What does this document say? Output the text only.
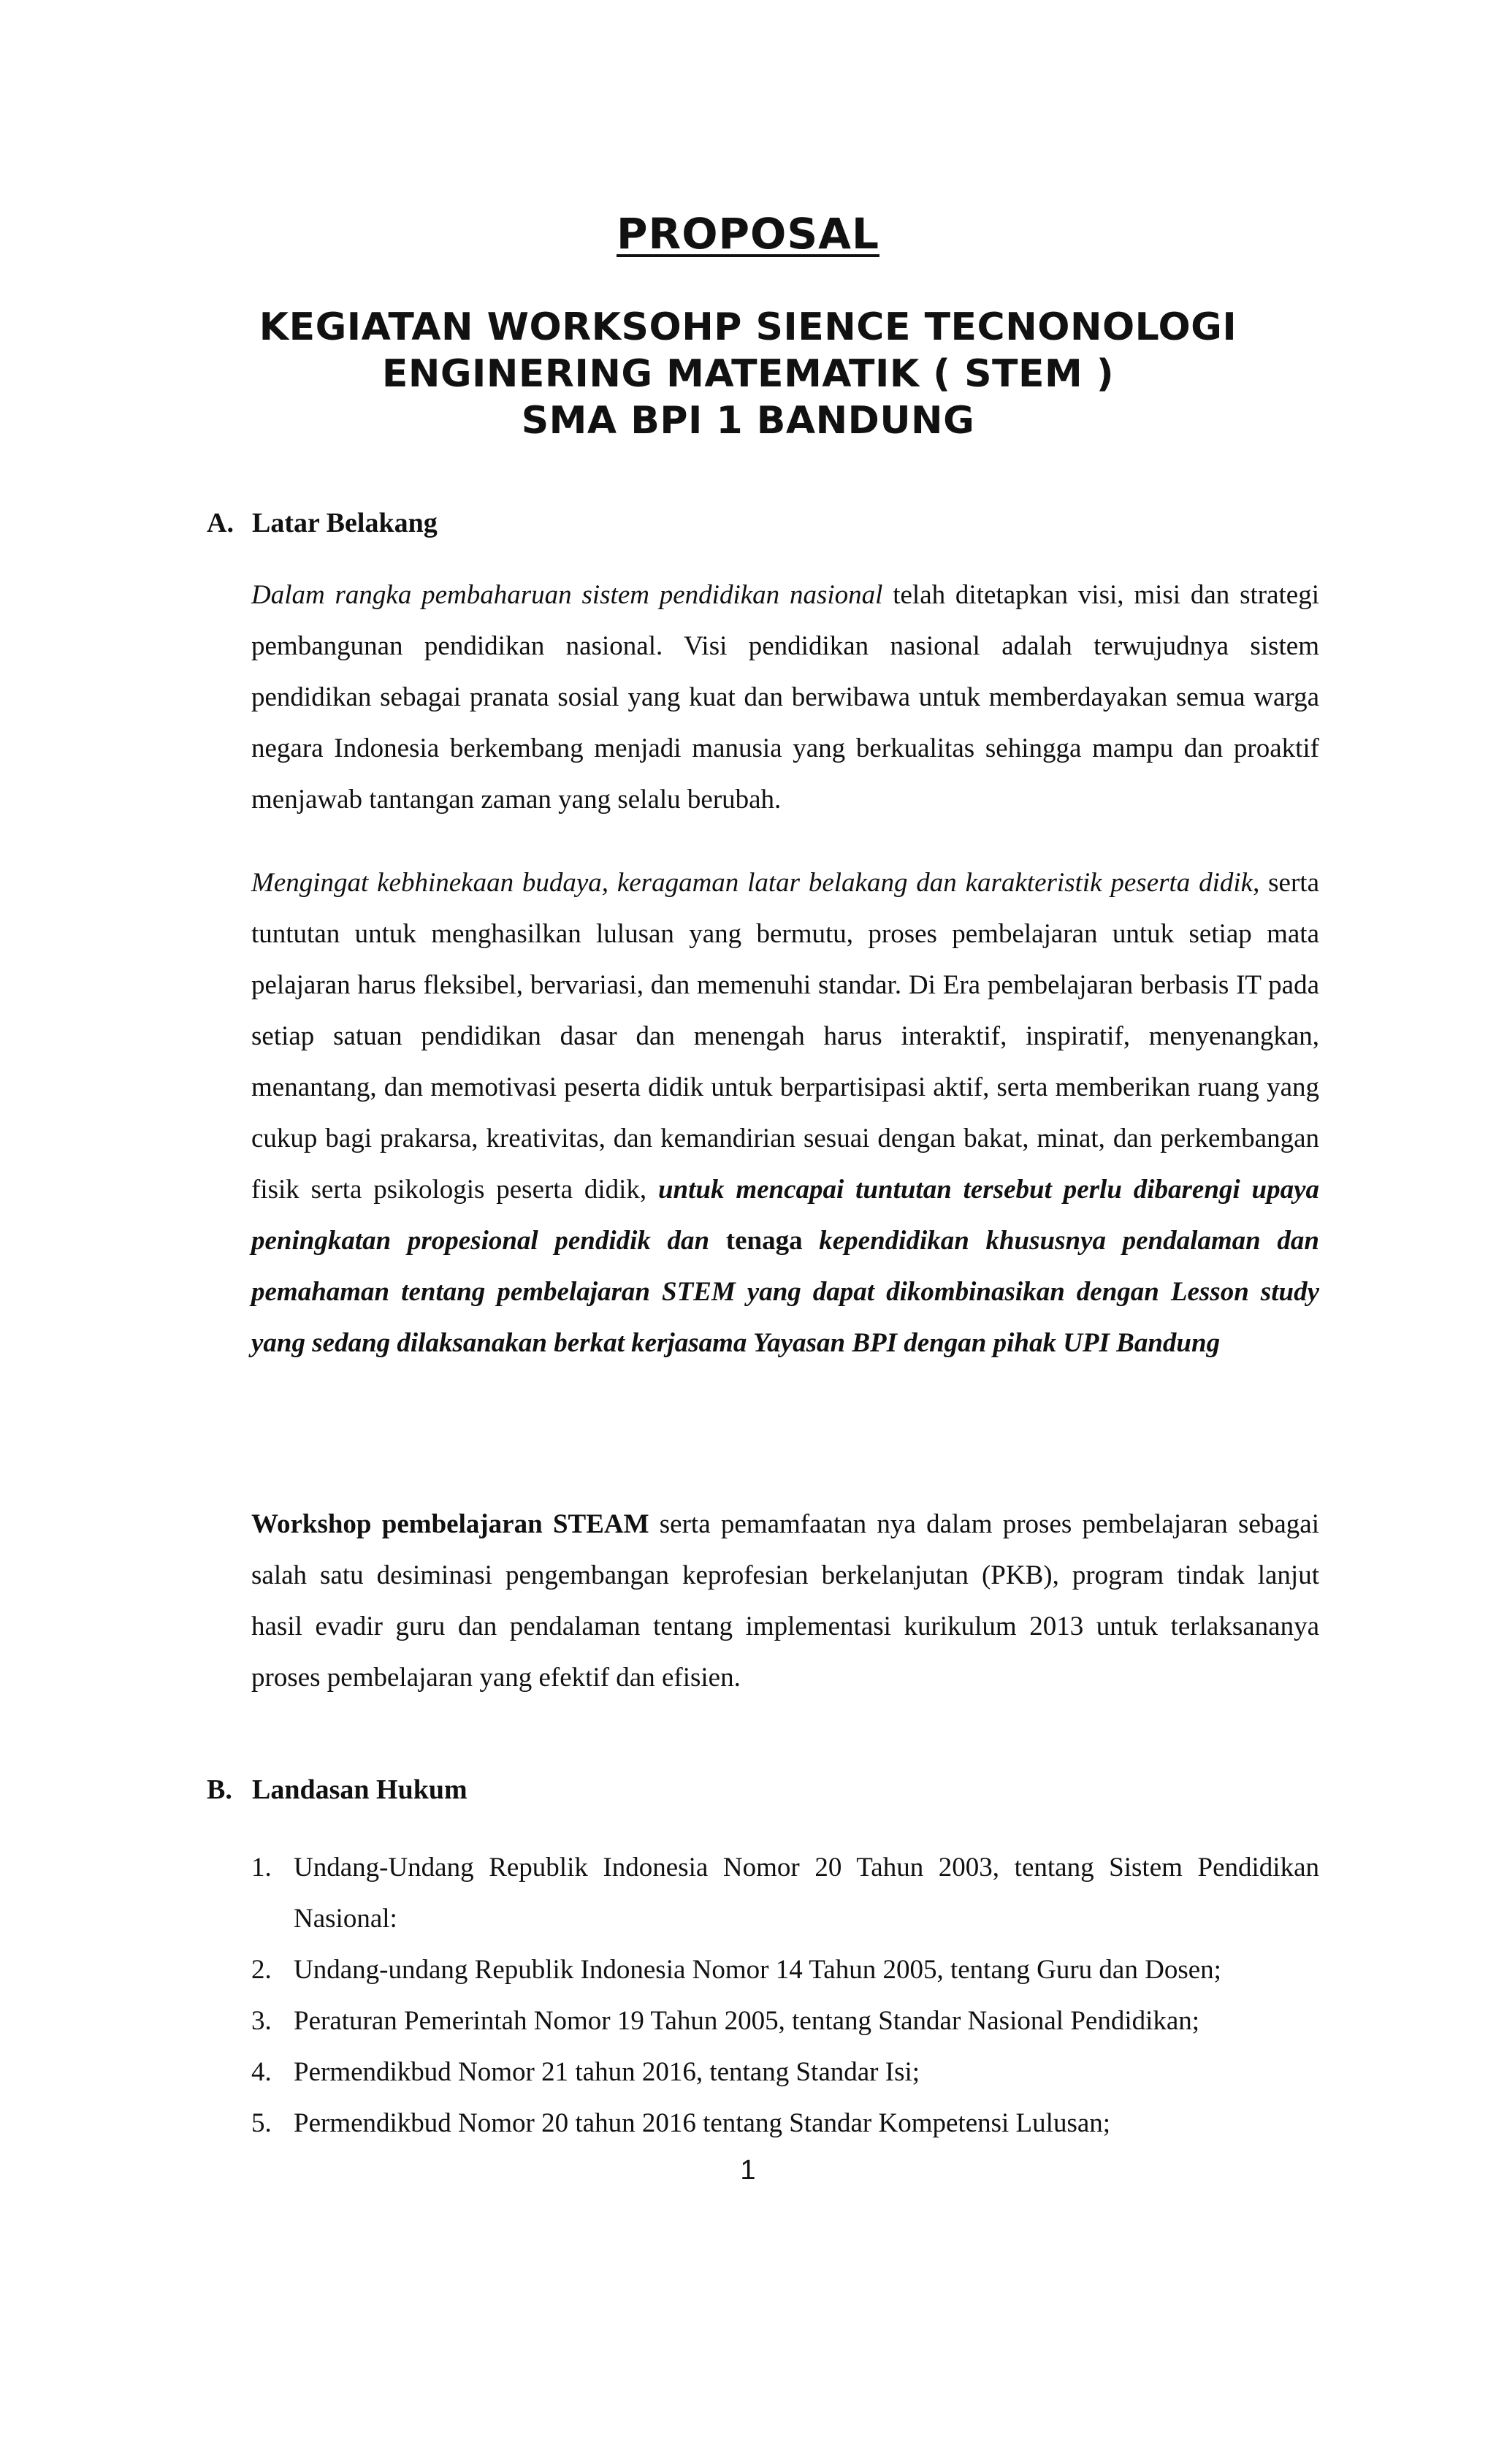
PROPOSAL
KEGIATAN WORKSOHP SIENCE TECNONOLOGI
ENGINERING MATEMATIK ( STEM )
SMA BPI 1 BANDUNG
A. Latar Belakang
Dalam rangka pembaharuan sistem pendidikan nasional telah ditetapkan visi, misi dan strategi pembangunan pendidikan nasional. Visi pendidikan nasional adalah terwujudnya sistem pendidikan sebagai pranata sosial yang kuat dan berwibawa untuk memberdayakan semua warga negara Indonesia berkembang menjadi manusia yang berkualitas sehingga mampu dan proaktif menjawab tantangan zaman yang selalu berubah.
Mengingat kebhinekaan budaya, keragaman latar belakang dan karakteristik peserta didik, serta tuntutan untuk menghasilkan lulusan yang bermutu, proses pembelajaran untuk setiap mata pelajaran harus fleksibel, bervariasi, dan memenuhi standar. Di Era pembelajaran berbasis IT pada setiap satuan pendidikan dasar dan menengah harus interaktif, inspiratif, menyenangkan, menantang, dan memotivasi peserta didik untuk berpartisipasi aktif, serta memberikan ruang yang cukup bagi prakarsa, kreativitas, dan kemandirian sesuai dengan bakat, minat, dan perkembangan fisik serta psikologis peserta didik, untuk mencapai tuntutan tersebut perlu dibarengi upaya peningkatan propesional pendidik dan tenaga kependidikan khususnya pendalaman dan pemahaman tentang pembelajaran STEM yang dapat dikombinasikan dengan Lesson study yang sedang dilaksanakan berkat kerjasama Yayasan BPI dengan pihak UPI Bandung
Workshop pembelajaran STEAM serta pemamfaatan nya dalam proses pembelajaran sebagai salah satu desiminasi pengembangan keprofesian berkelanjutan (PKB), program tindak lanjut hasil evadir guru dan pendalaman tentang implementasi kurikulum 2013 untuk terlaksananya proses pembelajaran yang efektif dan efisien.
B. Landasan Hukum
1. Undang-Undang Republik Indonesia Nomor 20 Tahun 2003, tentang Sistem Pendidikan Nasional:
2. Undang-undang Republik Indonesia Nomor 14 Tahun 2005, tentang Guru dan Dosen;
3. Peraturan Pemerintah Nomor 19 Tahun 2005, tentang Standar Nasional Pendidikan;
4. Permendikbud Nomor 21 tahun 2016, tentang Standar Isi;
5. Permendikbud Nomor 20 tahun 2016 tentang Standar Kompetensi Lulusan;
1
